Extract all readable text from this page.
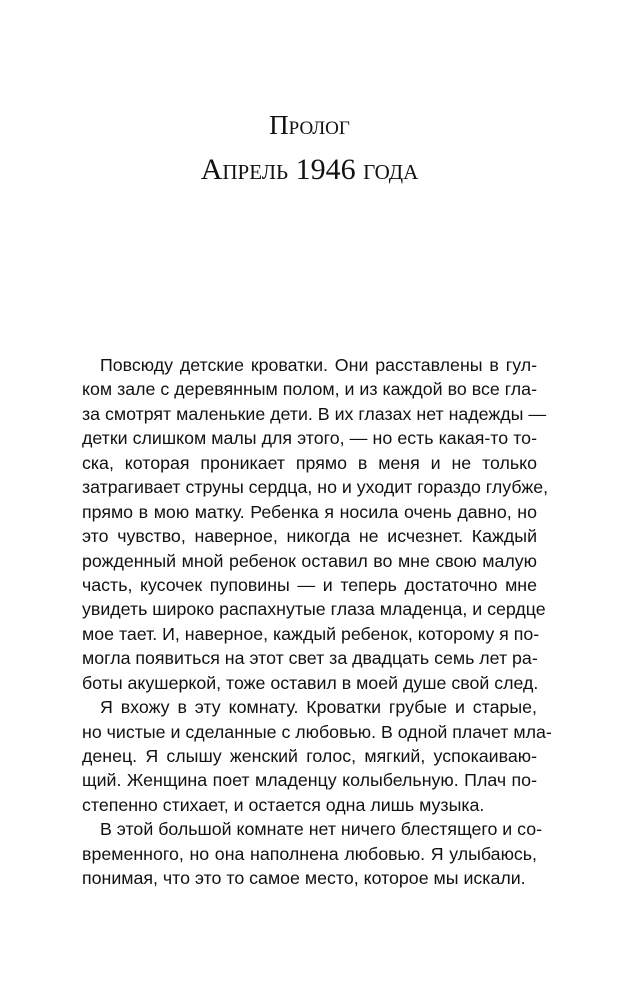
Пролог
Апрель 1946 года

Повсюду детские кроватки. Они расставлены в гул-
ком зале с деревянным полом, и из каждой во все гла-
за смотрят маленькие дети. В их глазах нет надежды —
детки слишком малы для этого, — но есть какая-то то-
ска, которая проникает прямо в меня и не только
затрагивает струны сердца, но и уходит гораздо глубже,
прямо в мою матку. Ребенка я носила очень давно, но
это чувство, наверное, никогда не исчезнет. Каждый
рожденный мной ребенок оставил во мне свою малую
часть, кусочек пуповины — и теперь достаточно мне
увидеть широко распахнутые глаза младенца, и сердце
мое тает. И, наверное, каждый ребенок, которому я по-
могла появиться на этот свет за двадцать семь лет ра-
боты акушеркой, тоже оставил в моей душе свой след.

Я вхожу в эту комнату. Кроватки грубые и старые,
но чистые и сделанные с любовью. В одной плачет мла-
денец. Я слышу женский голос, мягкий, успокаиваю-
щий. Женщина поет младенцу колыбельную. Плач по-
степенно стихает, и остается одна лишь музыка.

В этой большой комнате нет ничего блестящего и со-
временного, но она наполнена любовью. Я улыбаюсь,
понимая, что это то самое место, которое мы искали.
